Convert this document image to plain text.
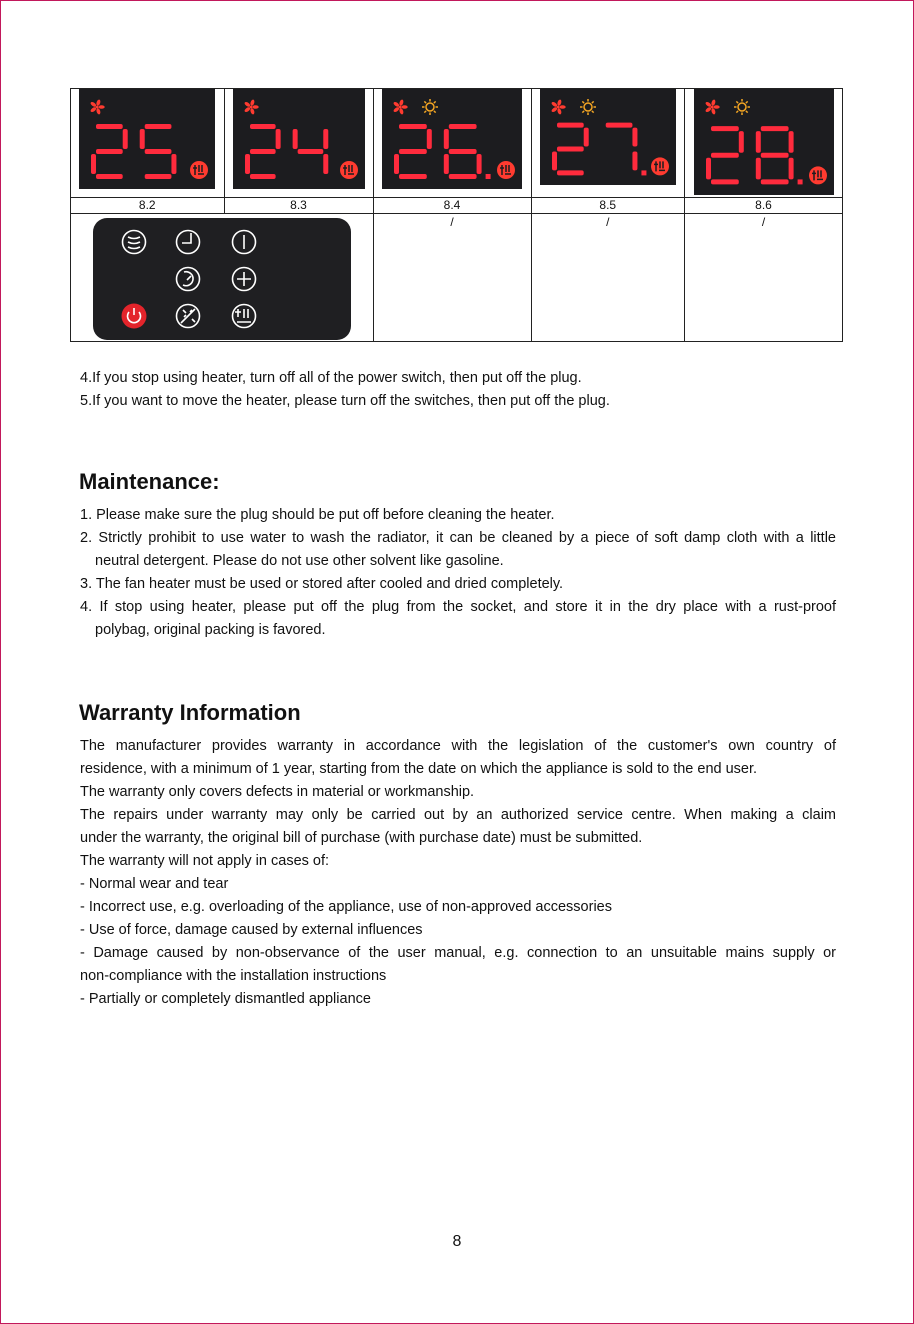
8.2	8.3	8.4	8.5	8.6

/	/	/

4.If you stop using heater, turn off all of the power switch, then put off the plug.

5.If you want to move the heater, please turn off the switches, then put off the plug.

Maintenance:

1. Please make sure the plug should be put off before cleaning the heater.

2. Strictly prohibit to use water to wash the radiator, it can be cleaned by a piece of soft damp cloth with a little

neutral detergent. Please do not use other solvent like gasoline.

3. The fan heater must be used or stored after cooled and dried completely.

4. If stop using heater, please put off the plug from the socket, and store it in the dry place with a rust-proof

polybag, original packing is favored.

Warranty Information

The manufacturer provides warranty in accordance with the legislation of the customer's own country of

residence, with a minimum of 1 year, starting from the date on which the appliance is sold to the end user.

The warranty only covers defects in material or workmanship.

The repairs under warranty may only be carried out by an authorized service centre. When making a claim

under the warranty, the original bill of purchase (with purchase date) must be submitted.

The warranty will not apply in cases of:

- Normal wear and tear

- Incorrect use, e.g. overloading of the appliance, use of non-approved accessories

- Use of force, damage caused by external influences

- Damage caused by non-observance of the user manual, e.g. connection to an unsuitable mains supply or

non-compliance with the installation instructions

- Partially or completely dismantled appliance

8
